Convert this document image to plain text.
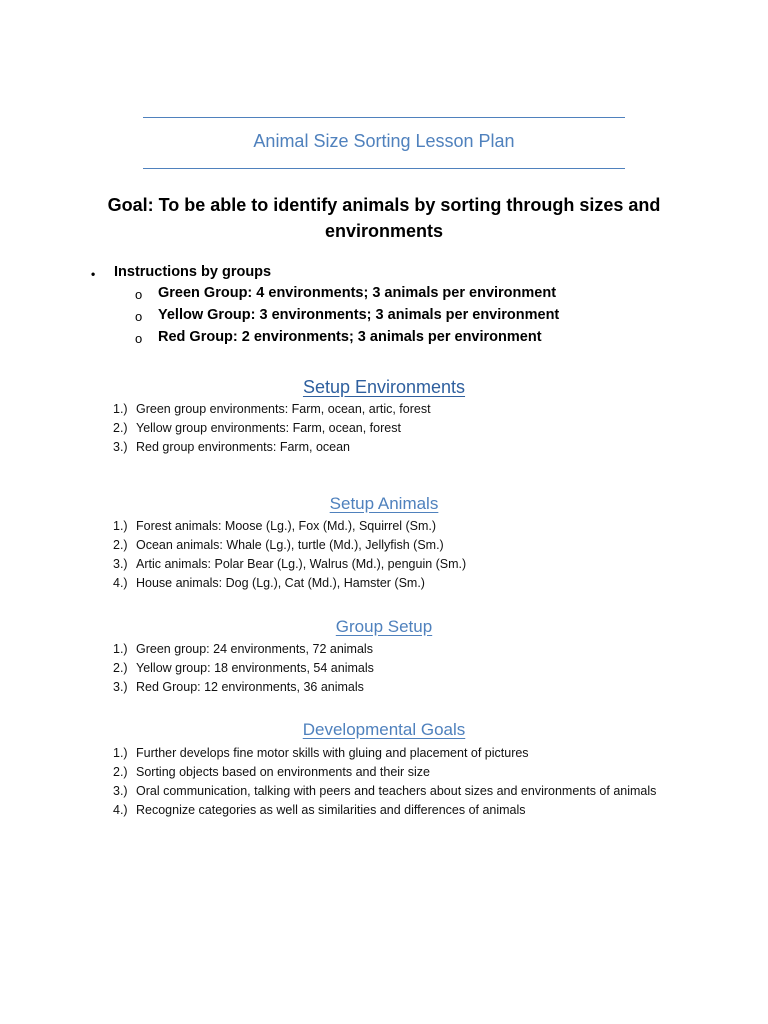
Animal Size Sorting Lesson Plan
Goal: To be able to identify animals by sorting through sizes and environments
•	Instructions by groups
o	Green Group: 4 environments; 3 animals per environment
o	Yellow Group: 3 environments; 3 animals per environment
o	Red Group: 2 environments; 3 animals per environment
Setup Environments
1.) Green group environments: Farm, ocean, artic, forest
2.) Yellow group environments: Farm, ocean, forest
3.) Red group environments: Farm, ocean
Setup Animals
1.) Forest animals: Moose (Lg.), Fox (Md.), Squirrel (Sm.)
2.) Ocean animals: Whale (Lg.), turtle (Md.), Jellyfish (Sm.)
3.) Artic animals: Polar Bear (Lg.), Walrus (Md.), penguin (Sm.)
4.) House animals: Dog (Lg.), Cat (Md.), Hamster (Sm.)
Group Setup
1.) Green group: 24 environments, 72 animals
2.) Yellow group: 18 environments, 54 animals
3.) Red Group: 12 environments, 36 animals
Developmental Goals
1.) Further develops fine motor skills with gluing and placement of pictures
2.) Sorting objects based on environments and their size
3.) Oral communication, talking with peers and teachers about sizes and environments of animals
4.) Recognize categories as well as similarities and differences of animals
